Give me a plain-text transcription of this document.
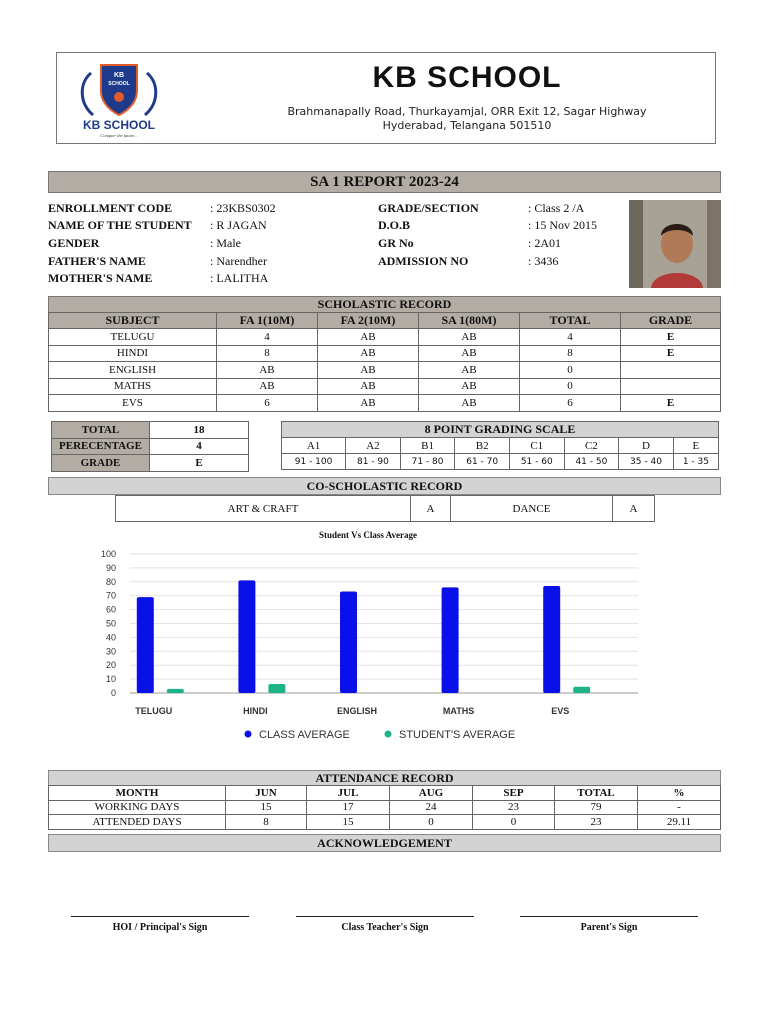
KB
SCHOOL
KB SCHOOL
Conquer the future...
KB SCHOOL
Brahmanapally Road, Thurkayamjal, ORR Exit 12, Sagar Highway
Hyderabad, Telangana 501510
SA 1 REPORT 2023-24
ENROLLMENT CODE	: 23KBS0302
NAME OF THE STUDENT : R JAGAN
GENDER	: Male
FATHER'S NAME	: Narendher
MOTHER'S NAME	: LALITHA
GRADE/SECTION	: Class 2 /A
D.O.B	: 15 Nov 2015
GR No	: 2A01
ADMISSION NO	: 3436
SCHOLASTIC RECORD
SUBJECT	FA 1(10M)	FA 2(10M)	SA 1(80M)	TOTAL	GRADE
TELUGU	4	AB	AB	4	E
HINDI	8	AB	AB	8	E
ENGLISH	AB	AB	AB	0	
MATHS	AB	AB	AB	0	
EVS	6	AB	AB	6	E
TOTAL	18
PERECENTAGE	4
GRADE	E
8 POINT GRADING SCALE							
A1	A2	B1	B2	C1	C2	D	E
91 - 100	81 - 90	71 - 80	61 - 70	51 - 60	41 - 50	35 - 40	1 - 35
CO-SCHOLASTIC RECORD
ART & CRAFT	A	DANCE	A
Student Vs Class Average
0
10
20
30
40
50
60
70
80
90
100
TELUGU	HINDI	ENGLISH	MATHS	EVS
CLASS AVERAGE	STUDENT'S AVERAGE
ATTENDANCE RECORD
MONTH	JUN	JUL	AUG	SEP	TOTAL	%
WORKING DAYS	15	17	24	23	79	-
ATTENDED DAYS	8	15	0	0	23	29.11
ACKNOWLEDGEMENT
HOI / Principal's Sign	Class Teacher's Sign	Parent's Sign
